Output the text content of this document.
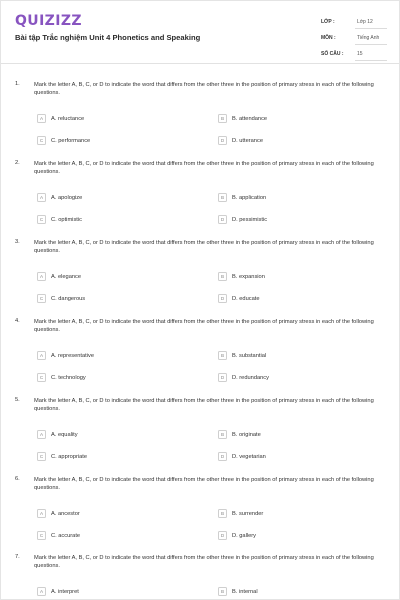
QUIZIZZ
Bài tập Trắc nghiệm Unit 4 Phonetics and Speaking
LỚP :	Lớp 12
MÔN :	Tiếng Anh
SỐ CÂU :	15
1.	Mark the letter A, B, C, or D to indicate the word that differs from the other three in the position of primary stress in each of the following questions.
A	A. reluctance	B	B. attendance
C	C. performance	D	D. utterance
2.	Mark the letter A, B, C, or D to indicate the word that differs from the other three in the position of primary stress in each of the following questions.
A	A. apologize	B	B. application
C	C. optimistic	D	D. pessimistic
3.	Mark the letter A, B, C, or D to indicate the word that differs from the other three in the position of primary stress in each of the following questions.
A	A. elegance	B	B. expansion
C	C. dangerous	D	D. educate
4.	Mark the letter A, B, C, or D to indicate the word that differs from the other three in the position of primary stress in each of the following questions.
A	A. representative	B	B. substantial
C	C. technology	D	D. redundancy
5.	Mark the letter A, B, C, or D to indicate the word that differs from the other three in the position of primary stress in each of the following questions.
A	A. equality	B	B. originate
C	C. appropriate	D	D. vegetarian
6.	Mark the letter A, B, C, or D to indicate the word that differs from the other three in the position of primary stress in each of the following questions.
A	A. ancestor	B	B. surrender
C	C. accurate	D	D. gallery
7.	Mark the letter A, B, C, or D to indicate the word that differs from the other three in the position of primary stress in each of the following questions.
A	A. interpret	B	B. internal
